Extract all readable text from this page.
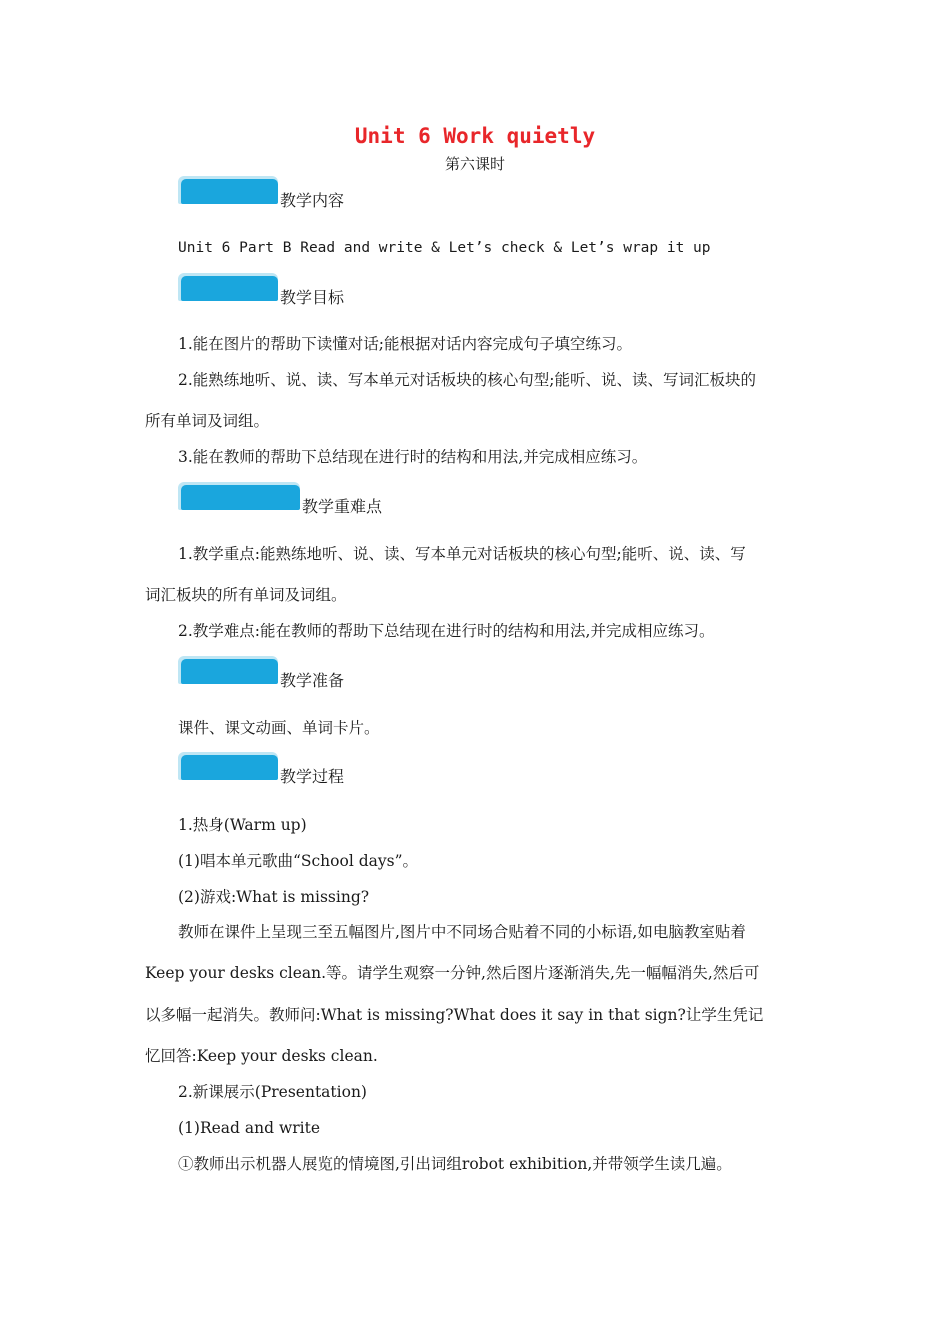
Unit 6 Work quietly
第六课时
教学内容
Unit 6 Part B Read and write & Let’s check & Let’s wrap it up
教学目标
1.能在图片的帮助下读懂对话;能根据对话内容完成句子填空练习。
2.能熟练地听、说、读、写本单元对话板块的核心句型;能听、说、读、写词汇板块的
所有单词及词组。
3.能在教师的帮助下总结现在进行时的结构和用法,并完成相应练习。
教学重难点
1.教学重点:能熟练地听、说、读、写本单元对话板块的核心句型;能听、说、读、写
词汇板块的所有单词及词组。
2.教学难点:能在教师的帮助下总结现在进行时的结构和用法,并完成相应练习。
教学准备
课件、课文动画、单词卡片。
教学过程
1.热身(Warm up)
(1)唱本单元歌曲“School days”。
(2)游戏:What is missing?
教师在课件上呈现三至五幅图片,图片中不同场合贴着不同的小标语,如电脑教室贴着
Keep your desks clean.等。请学生观察一分钟,然后图片逐渐消失,先一幅幅消失,然后可
以多幅一起消失。教师问:What is missing?What does it say in that sign?让学生凭记
忆回答:Keep your desks clean.
2.新课展示(Presentation)
(1)Read and write
①教师出示机器人展览的情境图,引出词组robot exhibition,并带领学生读几遍。
